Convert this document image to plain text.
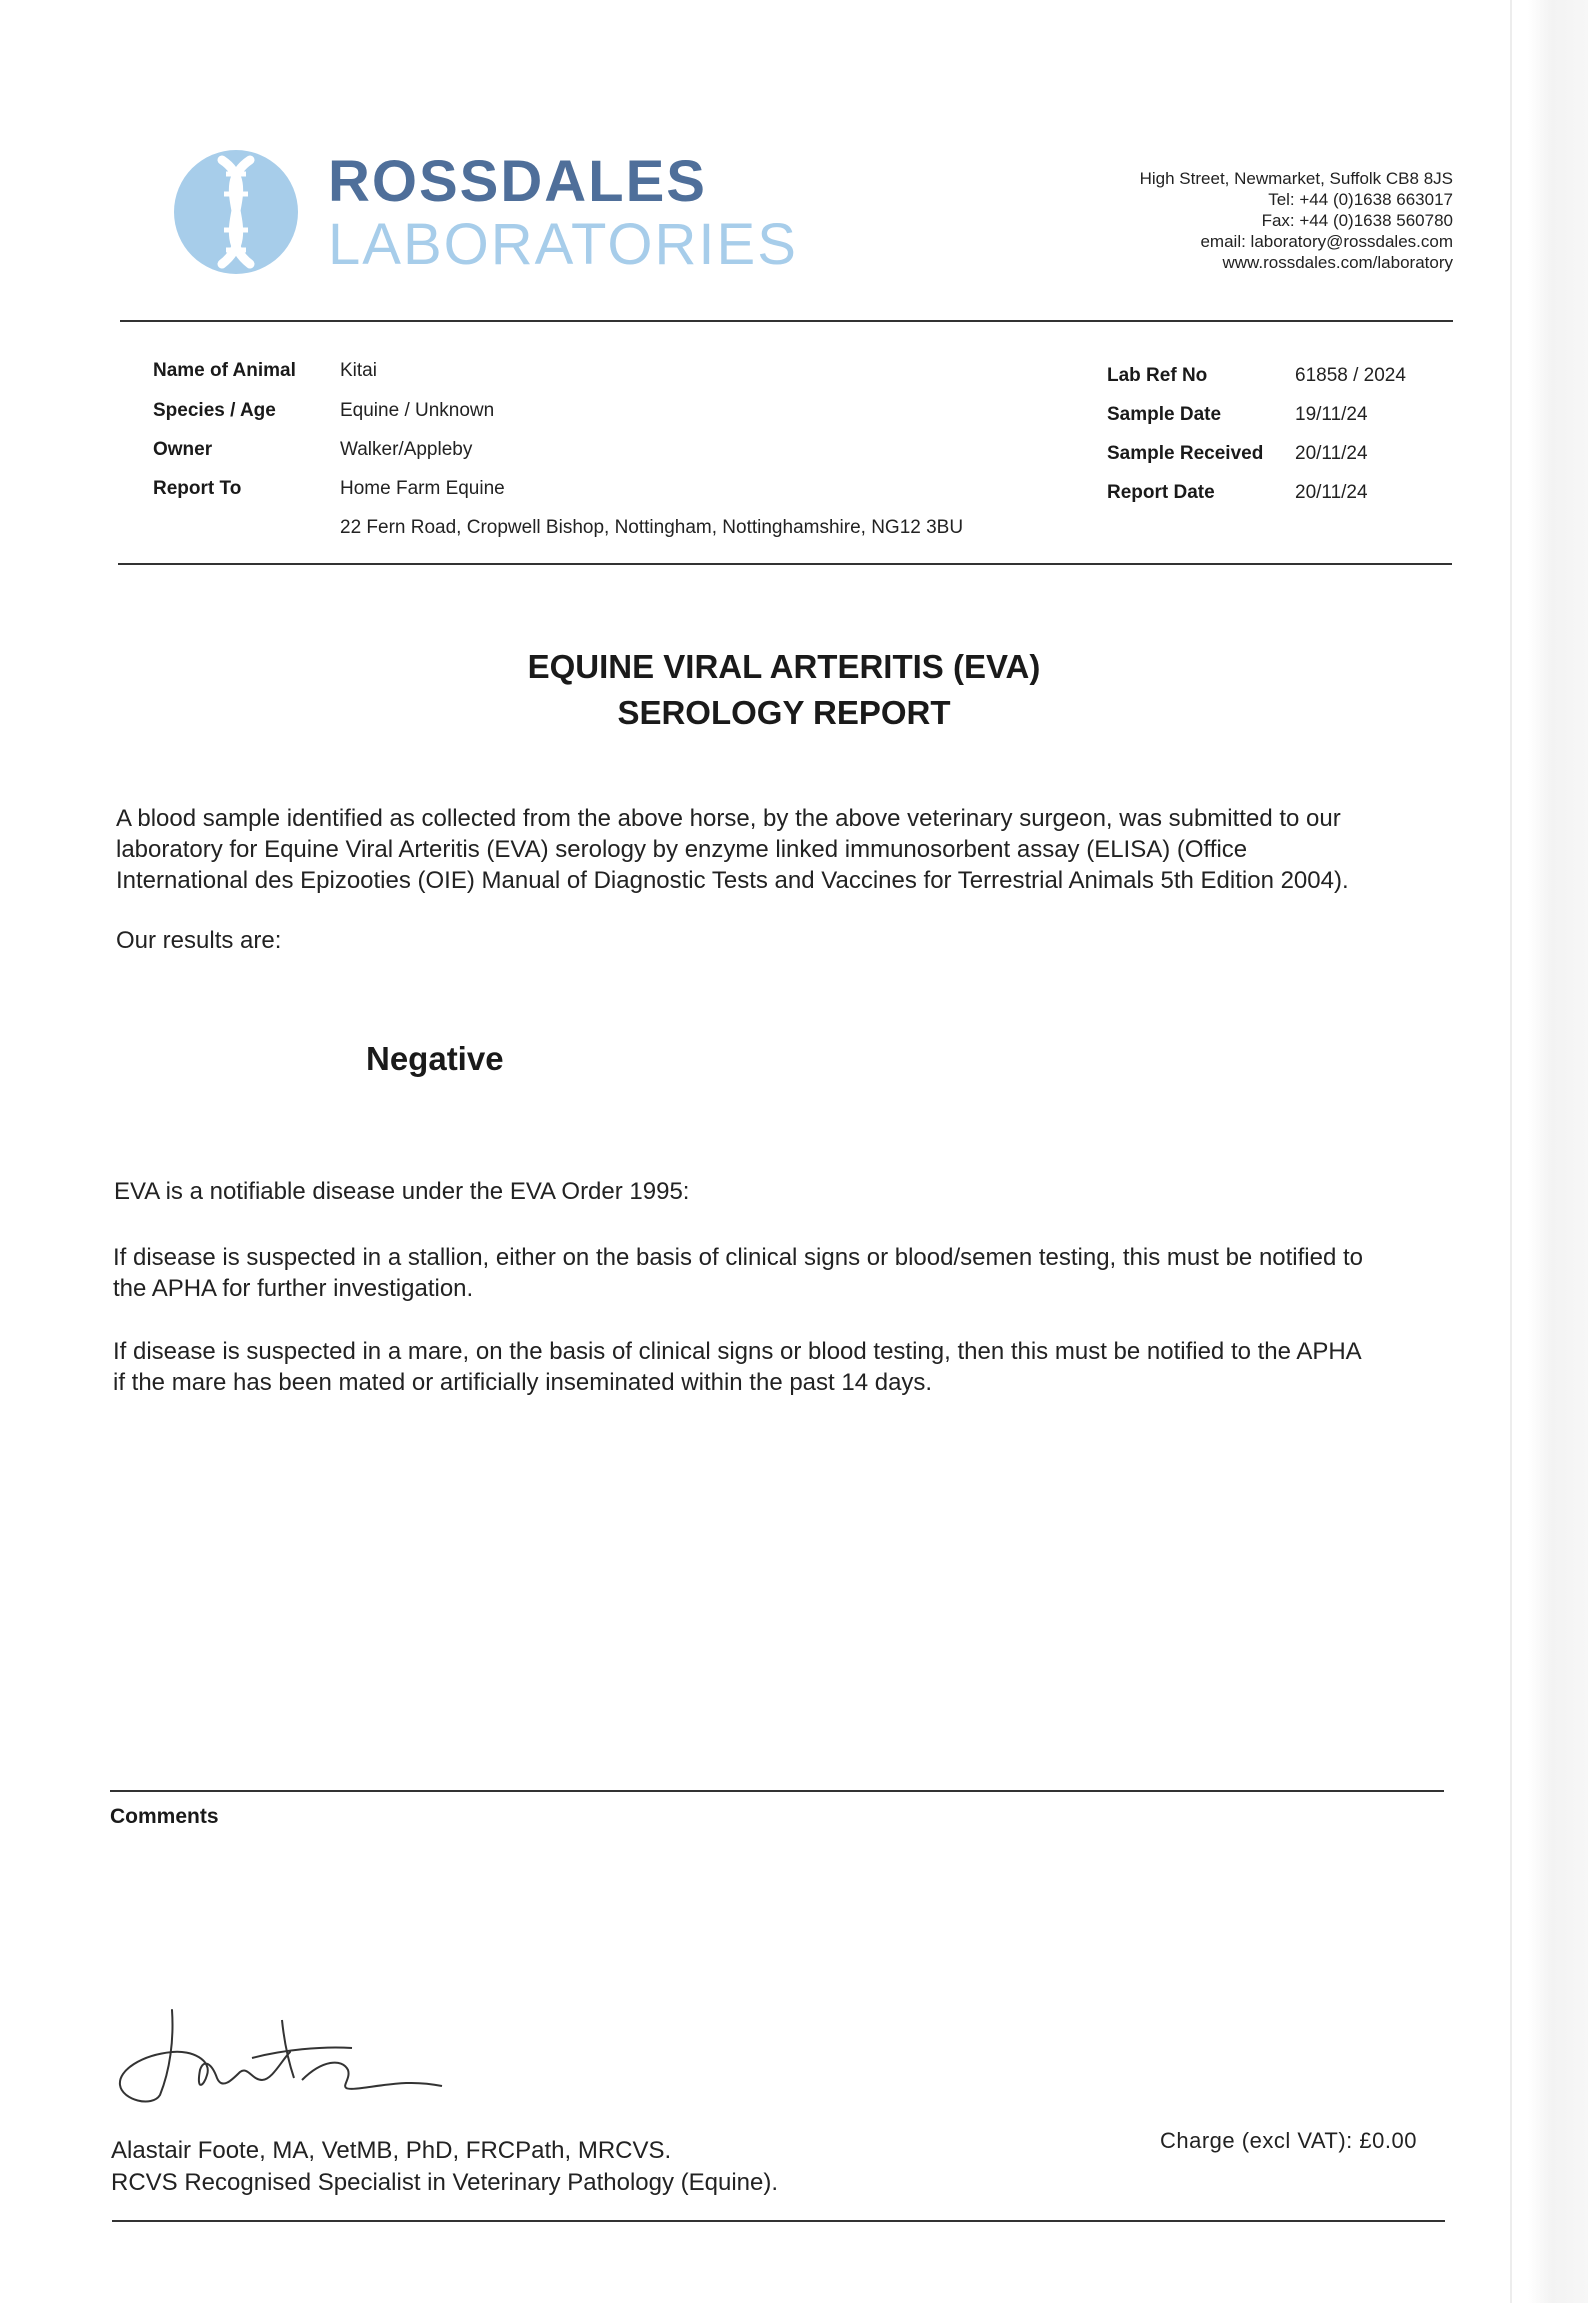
ROSSDALES
LABORATORIES
High Street, Newmarket, Suffolk CB8 8JS
Tel: +44 (0)1638 663017
Fax: +44 (0)1638 560780
email: laboratory@rossdales.com
www.rossdales.com/laboratory
Name of Animal Kitai
Species / Age	Equine / Unknown
Owner	Walker/Appleby
Report To	Home Farm Equine
22 Fern Road, Cropwell Bishop, Nottingham, Nottinghamshire, NG12 3BU
Lab Ref No	61858 / 2024
Sample Date	19/11/24
Sample Received 20/11/24
Report Date	20/11/24
EQUINE VIRAL ARTERITIS (EVA)
SEROLOGY REPORT
A blood sample identified as collected from the above horse, by the above veterinary surgeon, was submitted to our
laboratory for Equine Viral Arteritis (EVA) serology by enzyme linked immunosorbent assay (ELISA) (Office
International des Epizooties (OIE) Manual of Diagnostic Tests and Vaccines for Terrestrial Animals 5th Edition 2004).
Our results are:
Negative
EVA is a notifiable disease under the EVA Order 1995:
If disease is suspected in a stallion, either on the basis of clinical signs or blood/semen testing, this must be notified to
the APHA for further investigation.
If disease is suspected in a mare, on the basis of clinical signs or blood testing, then this must be notified to the APHA
if the mare has been mated or artificially inseminated within the past 14 days.
Comments
Alastair Foote, MA, VetMB, PhD, FRCPath, MRCVS.
RCVS Recognised Specialist in Veterinary Pathology (Equine).
Charge (excl VAT): £0.00
